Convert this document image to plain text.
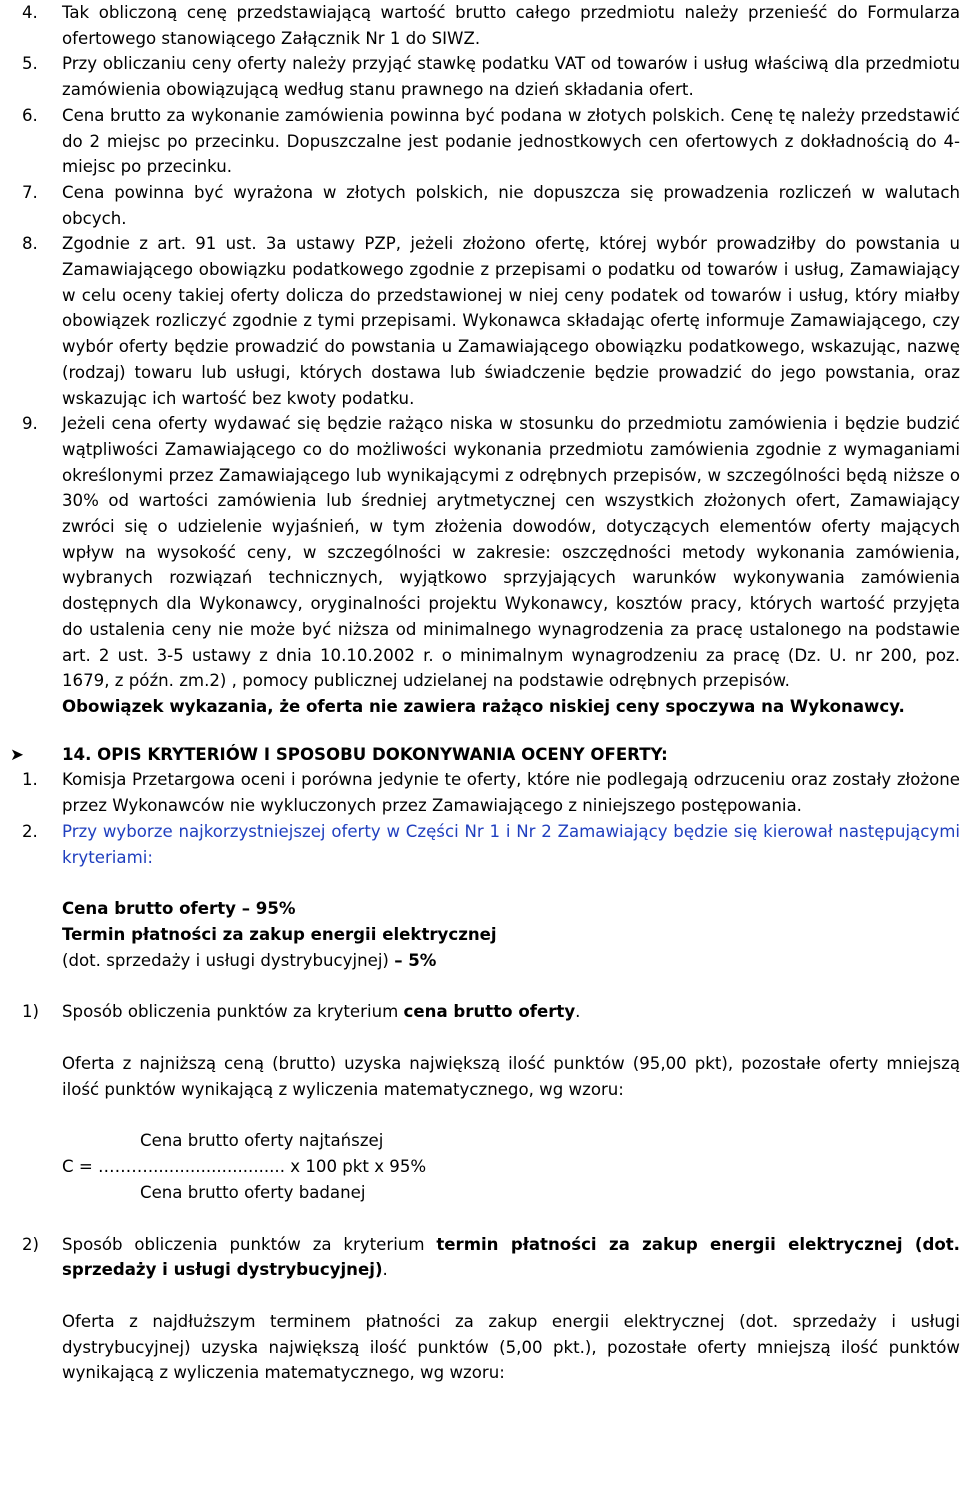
4. Tak obliczoną cenę przedstawiającą wartość brutto całego przedmiotu należy przenieść do Formularza ofertowego stanowiącego Załącznik Nr 1 do SIWZ.
5. Przy obliczaniu ceny oferty należy przyjąć stawkę podatku VAT od towarów i usług właściwą dla przedmiotu zamówienia obowiązującą według stanu prawnego na dzień składania ofert.
6. Cena brutto za wykonanie zamówienia powinna być podana w złotych polskich. Cenę tę należy przedstawić do 2 miejsc po przecinku. Dopuszczalne jest podanie jednostkowych cen ofertowych z dokładnością do 4-miejsc po przecinku.
7. Cena powinna być wyrażona w złotych polskich, nie dopuszcza się prowadzenia rozliczeń w walutach obcych.
8. Zgodnie z art. 91 ust. 3a ustawy PZP, jeżeli złożono ofertę, której wybór prowadziłby do powstania u Zamawiającego obowiązku podatkowego zgodnie z przepisami o podatku od towarów i usług, Zamawiający w celu oceny takiej oferty dolicza do przedstawionej w niej ceny podatek od towarów i usług, który miałby obowiązek rozliczyć zgodnie z tymi przepisami. Wykonawca składając ofertę informuje Zamawiającego, czy wybór oferty będzie prowadzić do powstania u Zamawiającego obowiązku podatkowego, wskazując, nazwę (rodzaj) towaru lub usługi, których dostawa lub świadczenie będzie prowadzić do jego powstania, oraz wskazując ich wartość bez kwoty podatku.
9. Jeżeli cena oferty wydawać się będzie rażąco niska w stosunku do przedmiotu zamówienia i będzie budzić wątpliwości Zamawiającego co do możliwości wykonania przedmiotu zamówienia zgodnie z wymaganiami określonymi przez Zamawiającego lub wynikającymi z odrębnych przepisów, w szczególności będą niższe o 30% od wartości zamówienia lub średniej arytmetycznej cen wszystkich złożonych ofert, Zamawiający zwróci się o udzielenie wyjaśnień, w tym złożenia dowodów, dotyczących elementów oferty mających wpływ na wysokość ceny, w szczególności w zakresie: oszczędności metody wykonania zamówienia, wybranych rozwiązań technicznych, wyjątkowo sprzyjających warunków wykonywania zamówienia dostępnych dla Wykonawcy, oryginalności projektu Wykonawcy, kosztów pracy, których wartość przyjęta do ustalenia ceny nie może być niższa od minimalnego wynagrodzenia za pracę ustalonego na podstawie art. 2 ust. 3-5 ustawy z dnia 10.10.2002 r. o minimalnym wynagrodzeniu za pracę (Dz. U. nr 200, poz. 1679, z późn. zm.2) , pomocy publicznej udzielanej na podstawie odrębnych przepisów.

Obowiązek wykazania, że oferta nie zawiera rażąco niskiej ceny spoczywa na Wykonawcy.

➤ 14. OPIS KRYTERIÓW I SPOSOBU DOKONYWANIA OCENY OFERTY:
1. Komisja Przetargowa oceni i porówna jedynie te oferty, które nie podlegają odrzuceniu oraz zostały złożone przez Wykonawców nie wykluczonych przez Zamawiającego z niniejszego postępowania.
2. Przy wyborze najkorzystniejszej oferty w Części Nr 1 i Nr 2 Zamawiający będzie się kierował następującymi kryteriami:

Cena brutto oferty – 95%

Termin płatności za zakup energii elektrycznej

(dot. sprzedaży i usługi dystrybucyjnej) – 5%

1) Sposób obliczenia punktów za kryterium cena brutto oferty.

Oferta z najniższą ceną (brutto) uzyska największą ilość punktów (95,00 pkt), pozostałe oferty mniejszą ilość punktów wynikającą z wyliczenia matematycznego, wg wzoru:

Cena brutto oferty najtańszej

C = ……….......................... x 100 pkt x 95%

Cena brutto oferty badanej

2) Sposób obliczenia punktów za kryterium termin płatności za zakup energii elektrycznej (dot. sprzedaży i usługi dystrybucyjnej).

Oferta z najdłuższym terminem płatności za zakup energii elektrycznej (dot. sprzedaży i usługi dystrybucyjnej) uzyska największą ilość punktów (5,00 pkt.), pozostałe oferty mniejszą ilość punktów wynikającą z wyliczenia matematycznego, wg wzoru:
